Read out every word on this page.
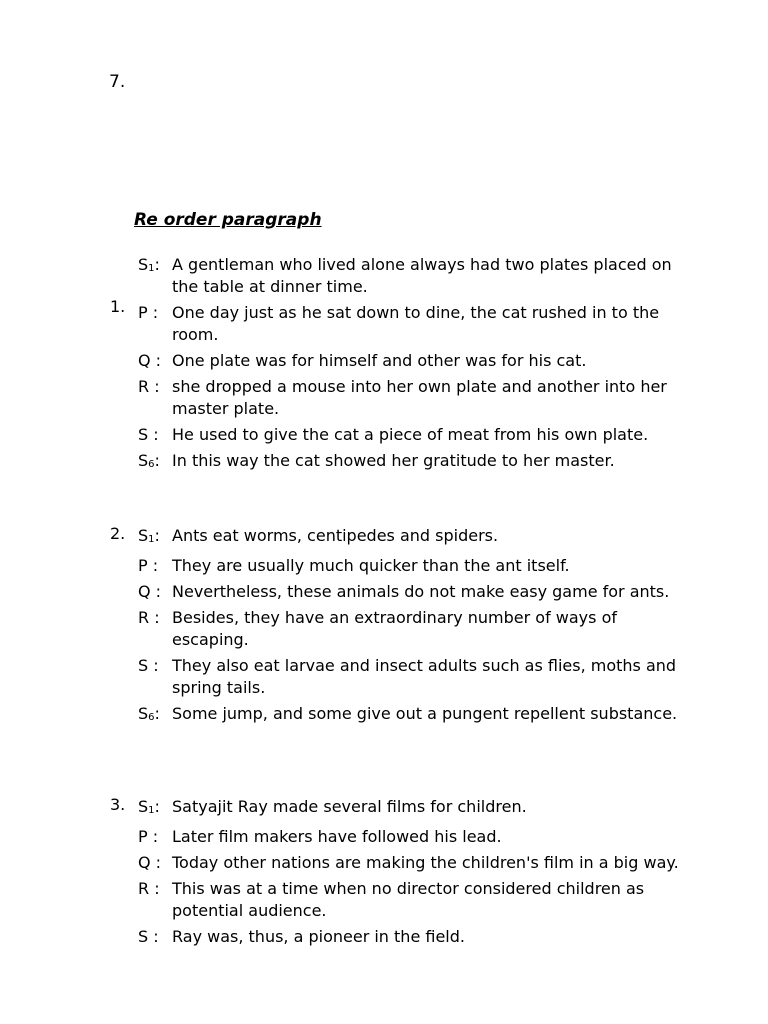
7.
Re order paragraph
1.
$S_1$: A gentleman who lived alone always had two plates placed on the table at dinner time.
P : One day just as he sat down to dine, the cat rushed in to the room.
Q : One plate was for himself and other was for his cat.
R : she dropped a mouse into her own plate and another into her master plate.
S : He used to give the cat a piece of meat from his own plate.
$S_6$: In this way the cat showed her gratitude to her master.
2. $S_1$: Ants eat worms, centipedes and spiders.
P : They are usually much quicker than the ant itself.
Q : Nevertheless, these animals do not make easy game for ants.
R : Besides, they have an extraordinary number of ways of escaping.
S : They also eat larvae and insect adults such as flies, moths and spring tails.
$S_6$: Some jump, and some give out a pungent repellent substance.
3. $S_1$: Satyajit Ray made several films for children.
P : Later film makers have followed his lead.
Q : Today other nations are making the children's film in a big way.
R : This was at a time when no director considered children as potential audience.
S : Ray was, thus, a pioneer in the field.
